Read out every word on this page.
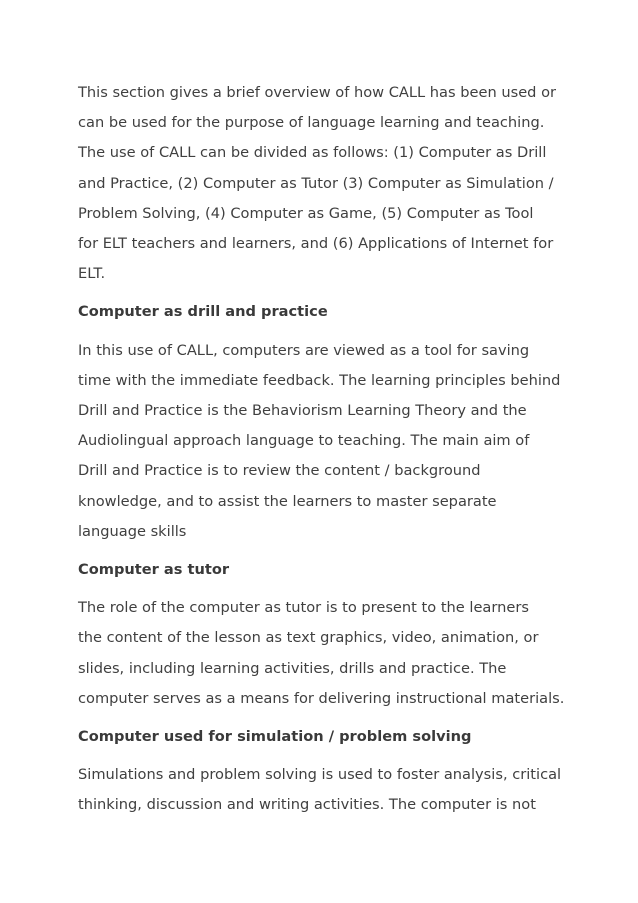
This section gives a brief overview of how CALL has been used or
can be used for the purpose of language learning and teaching.
The use of CALL can be divided as follows: (1) Computer as Drill
and Practice, (2) Computer as Tutor (3) Computer as Simulation /
Problem Solving, (4) Computer as Game, (5) Computer as Tool
for ELT teachers and learners, and (6) Applications of Internet for
ELT.

Computer as drill and practice

In this use of CALL, computers are viewed as a tool for saving
time with the immediate feedback. The learning principles behind
Drill and Practice is the Behaviorism Learning Theory and the
Audiolingual approach language to teaching. The main aim of
Drill and Practice is to review the content / background
knowledge, and to assist the learners to master separate
language skills

Computer as tutor

The role of the computer as tutor is to present to the learners
the content of the lesson as text graphics, video, animation, or
slides, including learning activities, drills and practice. The
computer serves as a means for delivering instructional materials.

Computer used for simulation / problem solving

Simulations and problem solving is used to foster analysis, critical
thinking, discussion and writing activities. The computer is not
